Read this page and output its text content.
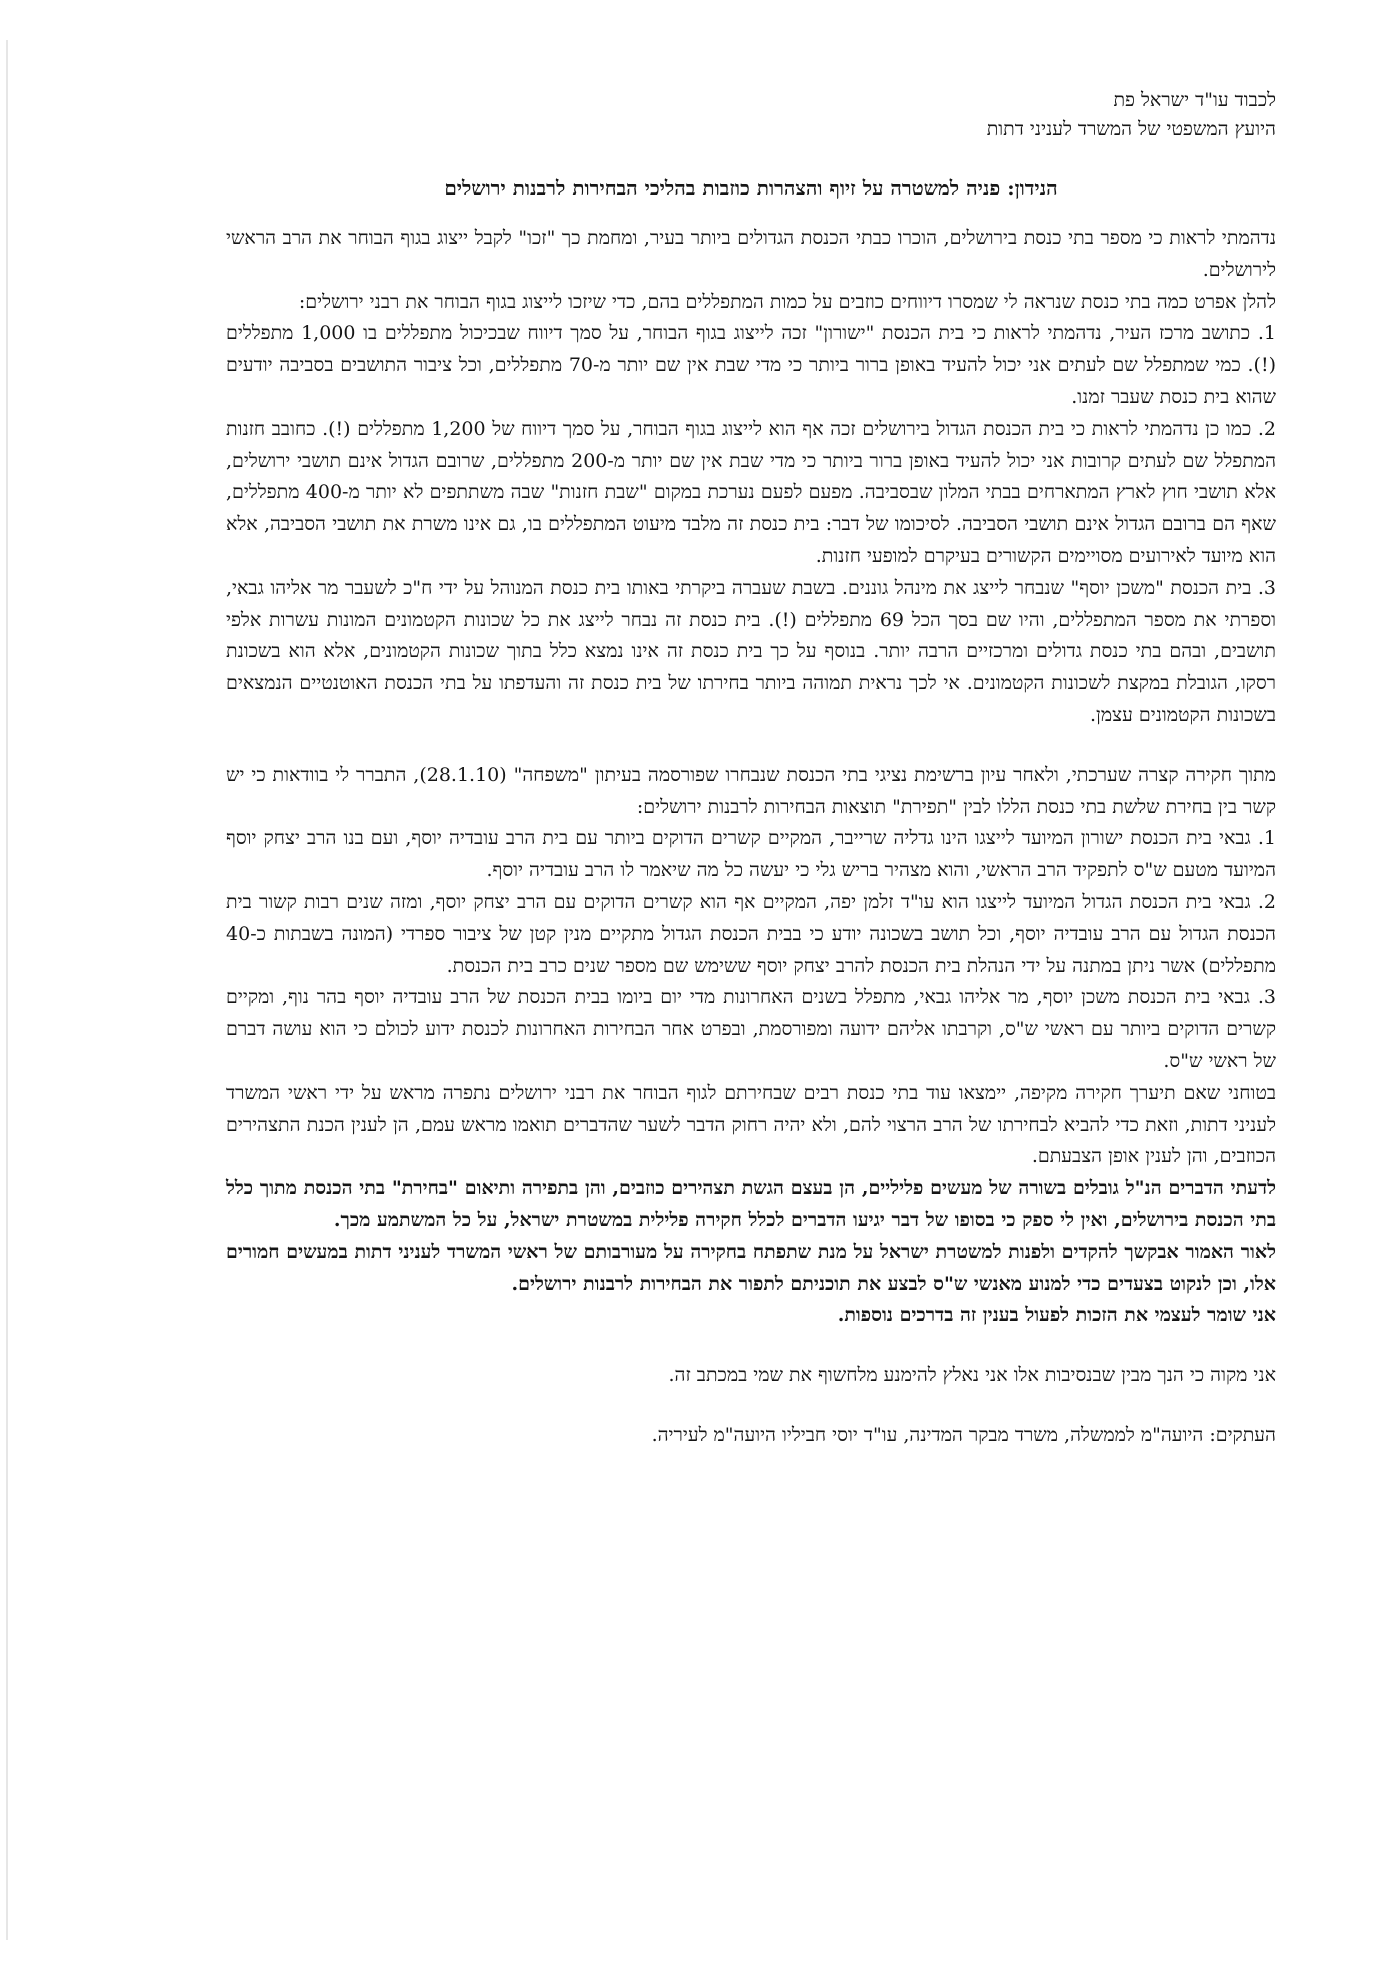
לכבוד עו"ד ישראל פת
היועץ המשפטי של המשרד לעניני דתות
הנידון: פניה למשטרה על זיוף והצהרות כוזבות בהליכי הבחירות לרבנות ירושלים

נדהמתי לראות כי מספר בתי כנסת בירושלים, הוכרו כבתי הכנסת הגדולים ביותר בעיר, ומחמת כך "זכו" לקבל ייצוג בגוף הבוחר את הרב הראשי לירושלים.

להלן אפרט כמה בתי כנסת שנראה לי שמסרו דיווחים כוזבים על כמות המתפללים בהם, כדי שיזכו לייצוג בגוף הבוחר את רבני ירושלים:

1. כתושב מרכז העיר, נדהמתי לראות כי בית הכנסת "ישורון" זכה לייצוג בגוף הבוחר, על סמך דיווח שבכיכול מתפללים בו 1,000 מתפללים (!). כמי שמתפלל שם לעתים אני יכול להעיד באופן ברור ביותר כי מדי שבת אין שם יותר מ-70 מתפללים, וכל ציבור התושבים בסביבה יודעים שהוא בית כנסת שעבר זמנו.

2. כמו כן נדהמתי לראות כי בית הכנסת הגדול בירושלים זכה אף הוא לייצוג בגוף הבוחר, על סמך דיווח של 1,200 מתפללים (!). כחובב חזנות המתפלל שם לעתים קרובות אני יכול להעיד באופן ברור ביותר כי מדי שבת אין שם יותר מ-200 מתפללים, שרובם הגדול אינם תושבי ירושלים, אלא תושבי חוץ לארץ המתארחים בבתי המלון שבסביבה. מפעם לפעם נערכת במקום "שבת חזנות" שבה משתתפים לא יותר מ-400 מתפללים, שאף הם ברובם הגדול אינם תושבי הסביבה. לסיכומו של דבר: בית כנסת זה מלבד מיעוט המתפללים בו, גם אינו משרת את תושבי הסביבה, אלא הוא מיועד לאירועים מסויימים הקשורים בעיקרם למופעי חזנות.

3. בית הכנסת "משכן יוסף" שנבחר לייצג את מינהל גוננים. בשבת שעברה ביקרתי באותו בית כנסת המנוהל על ידי ח"כ לשעבר מר אליהו גבאי, וספרתי את מספר המתפללים, והיו שם בסך הכל 69 מתפללים (!). בית כנסת זה נבחר לייצג את כל שכונות הקטמונים המונות עשרות אלפי תושבים, ובהם בתי כנסת גדולים ומרכזיים הרבה יותר. בנוסף על כך בית כנסת זה אינו נמצא כלל בתוך שכונות הקטמונים, אלא הוא בשכונת רסקו, הגובלת במקצת לשכונות הקטמונים. אי לכך נראית תמוהה ביותר בחירתו של בית כנסת זה והעדפתו על בתי הכנסת האוטנטיים הנמצאים בשכונות הקטמונים עצמן.

מתוך חקירה קצרה שערכתי, ולאחר עיון ברשימת נציגי בתי הכנסת שנבחרו שפורסמה בעיתון "משפחה" (28.1.10), התברר לי בוודאות כי יש קשר בין בחירת שלשת בתי כנסת הללו לבין "תפירת" תוצאות הבחירות לרבנות ירושלים:

1. גבאי בית הכנסת ישורון המיועד לייצגו הינו גדליה שרייבר, המקיים קשרים הדוקים ביותר עם בית הרב עובדיה יוסף, ועם בנו הרב יצחק יוסף המיועד מטעם ש"ס לתפקיד הרב הראשי, והוא מצהיר בריש גלי כי יעשה כל מה שיאמר לו הרב עובדיה יוסף.

2. גבאי בית הכנסת הגדול המיועד לייצגו הוא עו"ד זלמן יפה, המקיים אף הוא קשרים הדוקים עם הרב יצחק יוסף, ומזה שנים רבות קשור בית הכנסת הגדול עם הרב עובדיה יוסף, וכל תושב בשכונה יודע כי בבית הכנסת הגדול מתקיים מנין קטן של ציבור ספרדי (המונה בשבתות כ-40 מתפללים) אשר ניתן במתנה על ידי הנהלת בית הכנסת להרב יצחק יוסף ששימש שם מספר שנים כרב בית הכנסת.

3. גבאי בית הכנסת משכן יוסף, מר אליהו גבאי, מתפלל בשנים האחרונות מדי יום ביומו בבית הכנסת של הרב עובדיה יוסף בהר נוף, ומקיים קשרים הדוקים ביותר עם ראשי ש"ס, וקרבתו אליהם ידועה ומפורסמת, ובפרט אחר הבחירות האחרונות לכנסת ידוע לכולם כי הוא עושה דברם של ראשי ש"ס.

בטוחני שאם תיערך חקירה מקיפה, יימצאו עוד בתי כנסת רבים שבחירתם לגוף הבוחר את רבני ירושלים נתפרה מראש על ידי ראשי המשרד לעניני דתות, וזאת כדי להביא לבחירתו של הרב הרצוי להם, ולא יהיה רחוק הדבר לשער שהדברים תואמו מראש עמם, הן לענין הכנת התצהירים הכוזבים, והן לענין אופן הצבעתם.

לדעתי הדברים הנ"ל גובלים בשורה של מעשים פליליים, הן בעצם הגשת תצהירים כוזבים, והן בתפירה ותיאום "בחירת" בתי הכנסת מתוך כלל בתי הכנסת בירושלים, ואין לי ספק כי בסופו של דבר יגיעו הדברים לכלל חקירה פלילית במשטרת ישראל, על כל המשתמע מכך.

לאור האמור אבקשך להקדים ולפנות למשטרת ישראל על מנת שתפתח בחקירה על מעורבותם של ראשי המשרד לעניני דתות במעשים חמורים אלו, וכן לנקוט בצעדים כדי למנוע מאנשי ש"ס לבצע את תוכניתם לתפור את הבחירות לרבנות ירושלים.

אני שומר לעצמי את הזכות לפעול בענין זה בדרכים נוספות.

אני מקוה כי הנך מבין שבנסיבות אלו אני נאלץ להימנע מלחשוף את שמי במכתב זה.

העתקים: היועה"מ לממשלה, משרד מבקר המדינה, עו"ד יוסי חביליו היועה"מ לעיריה.
